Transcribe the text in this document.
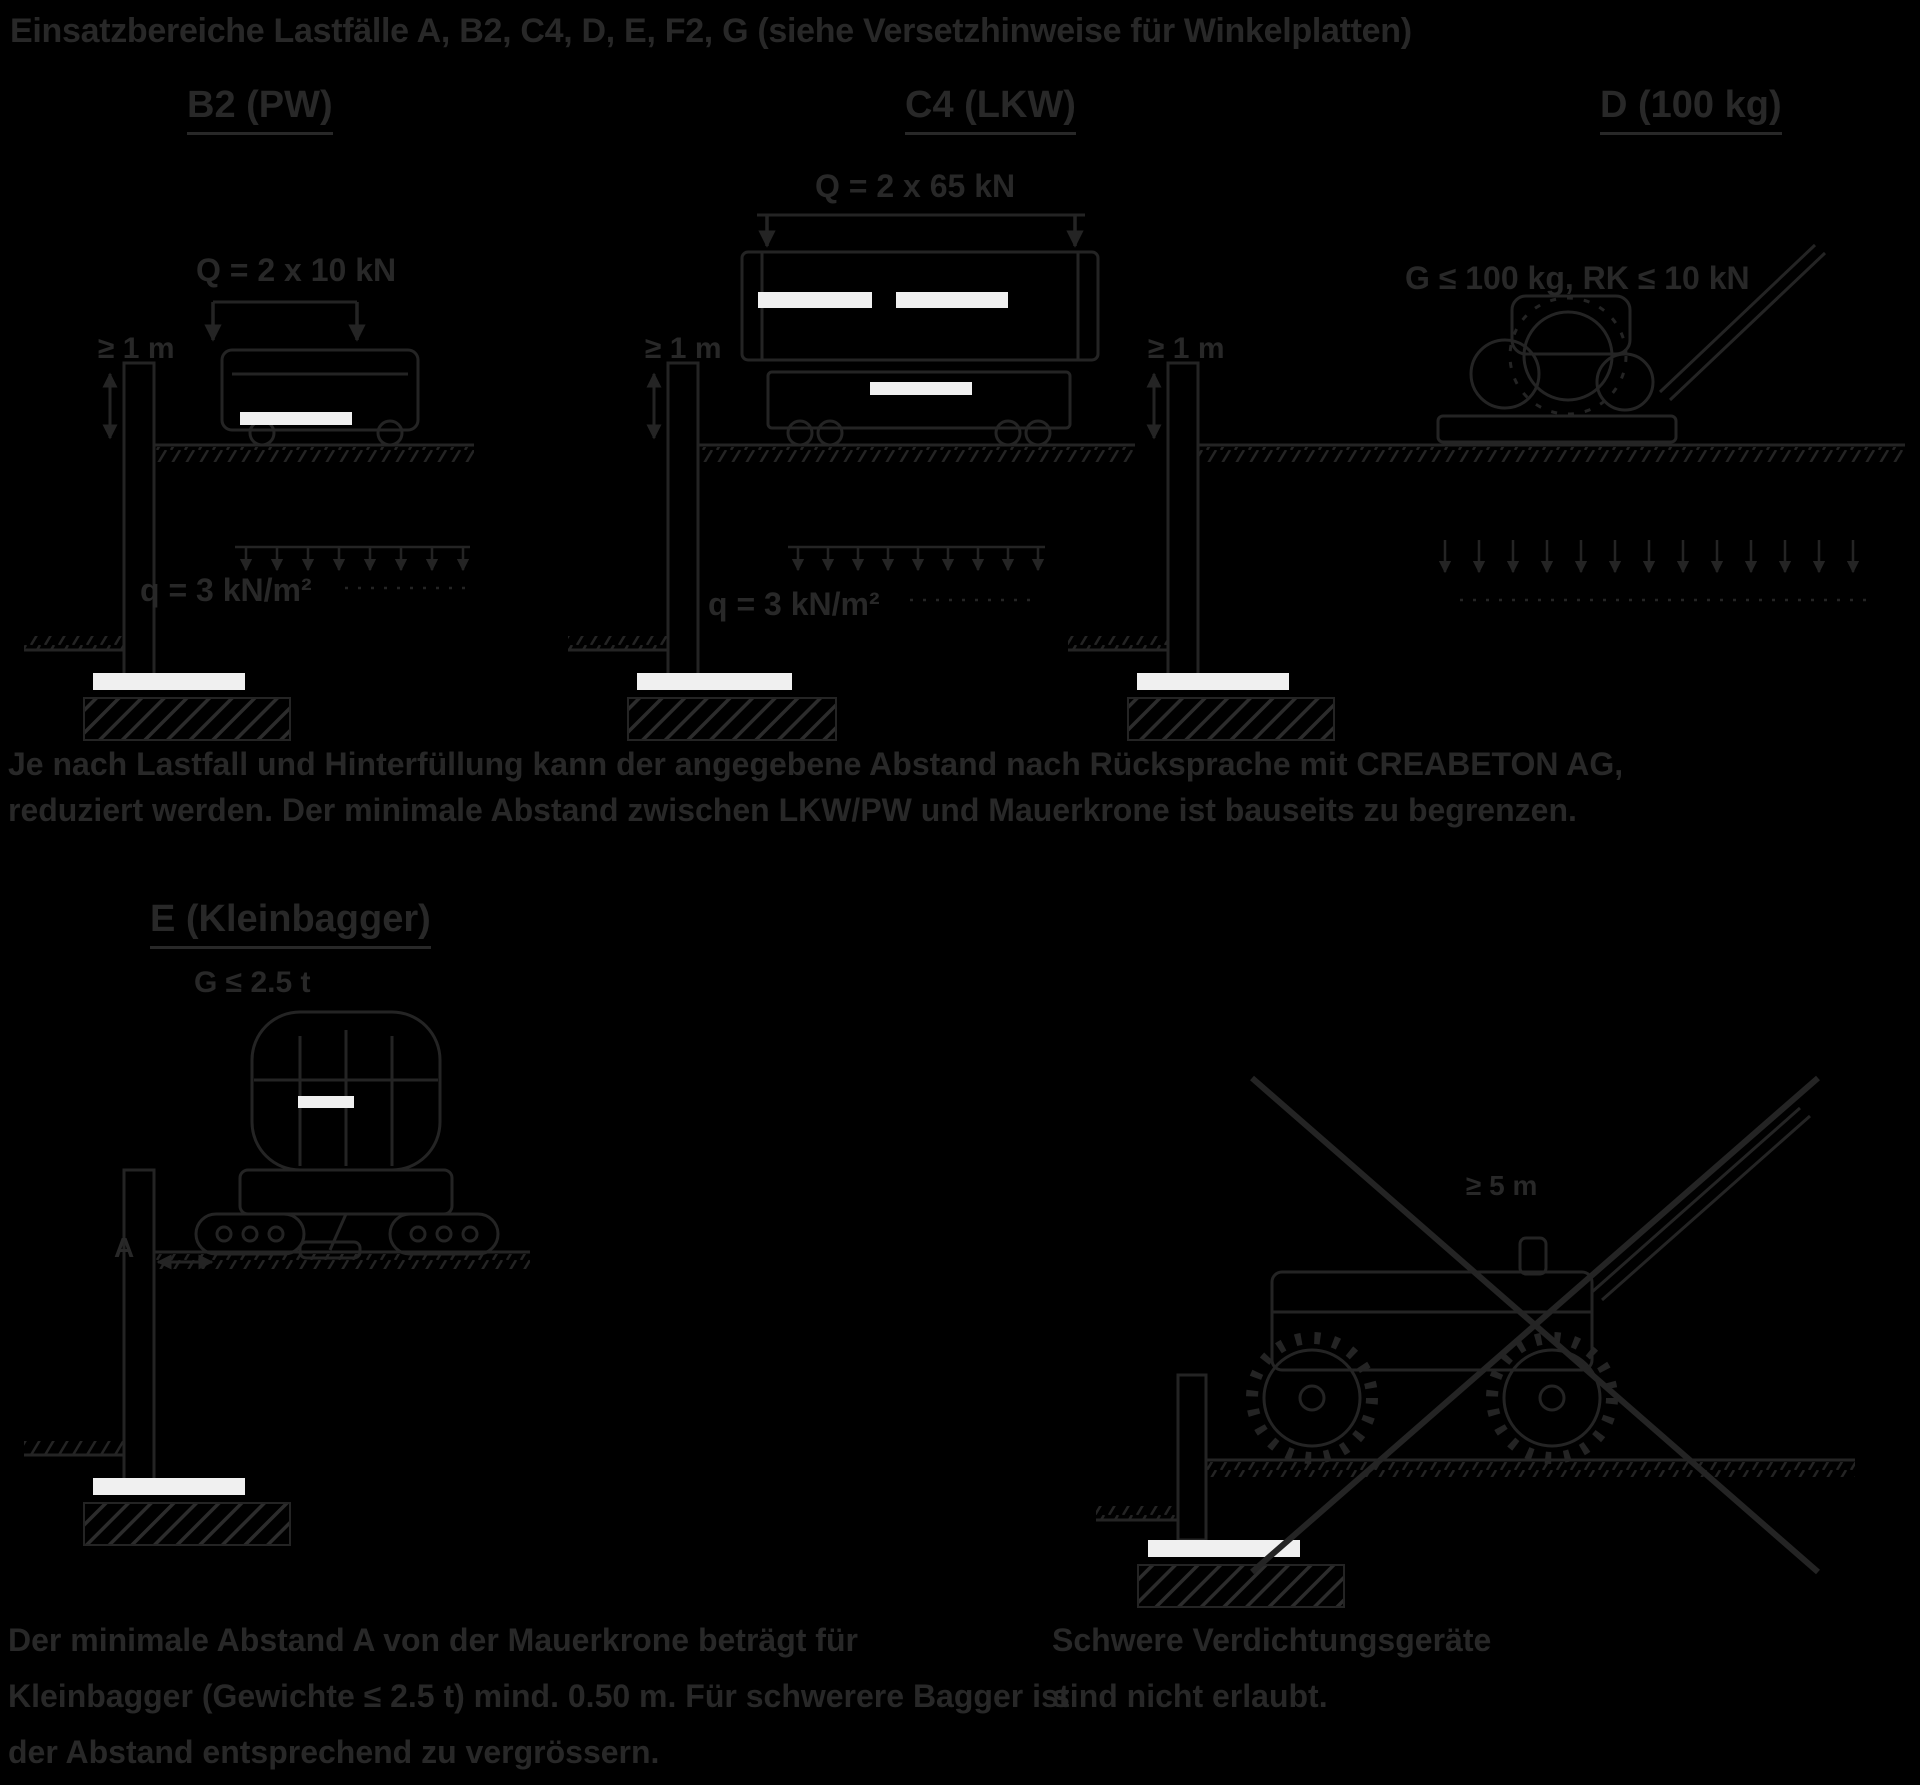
Einsatzbereiche Lastfälle A, B2, C4, D, E, F2, G (siehe Versetzhinweise für Winkelplatten)
B2 (PW)	C4 (LKW)	D (100 kg)
Q = 2 x 10 kN
Q = 2 x 65 kN
G ≤ 100 kg, RK ≤ 10 kN
≥ 1 m	≥ 1 m	≥ 1 m
q = 3 kN/m²	q = 3 kN/m²
Je nach Lastfall und Hinterfüllung kann der angegebene Abstand nach Rücksprache mit CREABETON AG,
reduziert werden. Der minimale Abstand zwischen LKW/PW und Mauerkrone ist bauseits zu begrenzen.
E (Kleinbagger)
G ≤ 2.5 t
A
≥ 5 m
Der minimale Abstand A von der Mauerkrone beträgt für
Kleinbagger (Gewichte ≤ 2.5 t) mind. 0.50 m. Für schwerere Bagger ist
der Abstand entsprechend zu vergrössern.
Schwere Verdichtungsgeräte
sind nicht erlaubt.
